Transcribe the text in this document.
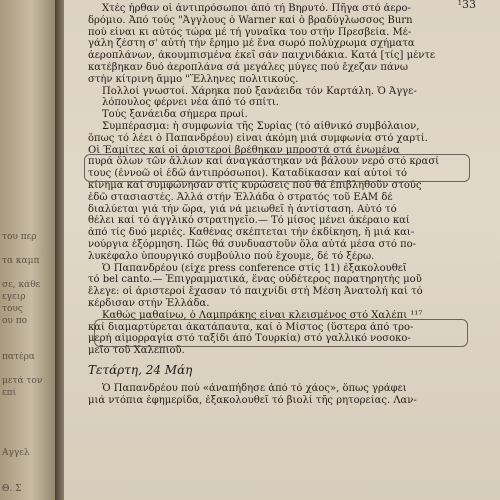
του περ
τα καμπ
σε, κάθε
εγειρ
τους
ου πο
πατέρα
μετά τον
επί
Αγγελ
Θ. Σ
¹33
Χτές ἦρθαν οἱ ἀντιπρόσωποι ἀπό τή Βηρυτό. Πῆγα στό ἀερο-
δρόμιο. Ἀπό τούς "Ἀγγλους ὁ Warner καί ὁ βραδύγλωσσος Burn
πού εἶναι κι αὐτός τώρα μέ τή γυναῖκα του στήν Πρεσβεία. Μέ-
γάλη ζέστη σ' αὐτή τήν ἔρημο μέ ἕνα σωρό πολύχρωμα σχήματα
ἀεροπλάνων, ἀκουμπισμένα ἐκεῖ σάν παιχνιδάκια. Κατά [τίς] μέντε
κατέβηκαν δυό ἀεροπλάνα σά μεγάλες μύγες πού ἔχεζαν πάνω
στήν κίτρινη ἄμμο "Ἕλληνες πολιτικούς.
Πολλοί γνωστοί. Χάρηκα πού ξανάειδα τόν Καρτάλη. Ὁ Ἀγγε-
λόπουλος φέρνει νέα ἀπό τό σπίτι.
Τούς ξανάειδα σήμερα πρωί.
Συμπέρασμα: ἡ συμφωνία τῆς Συρίας (τό αἰθνικό συμβόλαιον,
ὅπως τό λέει ὁ Παπανδρέου) εἶναι ἀκόμη μιά συμφωνία στό χαρτί.
Οἱ Ἐαμίτες καί οἱ ἀριστεροί βρέθηκαν μπροστά στά ἑνωμένα
πυρά ὅλων τῶν ἄλλων καί ἀναγκάστηκαν νά βάλουν νερό στό κρασί
τους (ἐννοῶ οἱ ἐδῶ ἀντιπρόσωποι). Καταδίκασαν καί αὐτοί τό
κίνημα καί συμφώνησαν στίς κυρώσεις πού θά ἐπιβληθοῦν στούς
ἐδῶ στασιαστές. Ἀλλά στήν Ἑλλάδα ὁ στρατός τοῦ ΕΑΜ δέ
διαλύεται γιά τήν ὥρα, γιά νά μειωθεῖ ἡ ἀντίσταση. Αὐτό τό
θέλει καί τό ἀγγλικό στρατηγεῖο.— Τό μίσος μένει ἀκέραιο καί
ἀπό τίς δυό μεριές. Καθένας σκέπτεται τήν ἐκδίκηση, ἤ μιά και-
νούργια ἐξόρμηση. Πῶς θά συνδυαστοῦν ὅλα αὐτά μέσα στό πο-
λυκέφαλο ὑπουργικό συμβούλιο πού ἔχουμε, δέ τό ξέρω.
Ὁ Παπανδρέου (εἶχε press conference στίς 11) ἐξακολουθεῖ
τό bel canto.— Ἐπιγραμματικά, ἕνας οὐδέτερος παρατηρητής μοῦ
ἔλεγε: οἱ ἀριστεροί ἔχασαν τό παιχνίδι στή Μέση Ἀνατολή καί τό
κέρδισαν στήν Ἑλλάδα.
Καθώς μαθαίνω, ὁ Λαμπράκης εἶναι κλεισμένος στό Χαλέπι ¹¹⁷
καί διαμαρτύρεται ἀκατάπαυτα, καί ὁ Μίστος (ὕστερα ἀπό τρο-
μερή αἱμορραγία στό ταξίδι ἀπό Τουρκία) στό γαλλικό νοσοκο-
μεῖο τοῦ Χαλεπιοῦ.
Τετάρτη, 24 Μάη
Ὁ Παπανδρέου πού «ἀναπήδησε ἀπό τό χάος», ὅπως γράφει
μιά ντόπια ἐφημερίδα, ἐξακολουθεῖ τό βιολί τῆς ρητορείας. Λαν-
